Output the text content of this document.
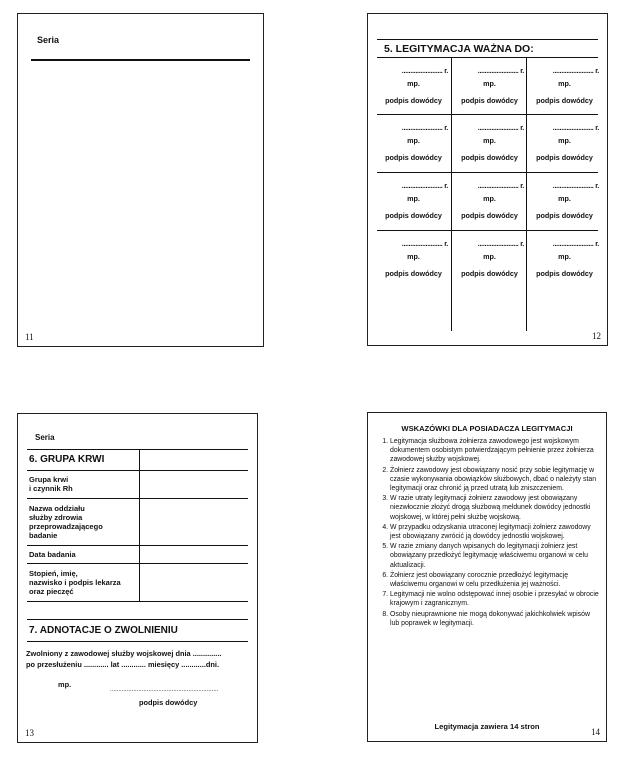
Seria
11
5. LEGITYMACJA WAŻNA DO:
........................ r.
mp.
podpis dowódcy
........................ r.
mp.
podpis dowódcy
........................ r.
mp.
podpis dowódcy
........................ r.
mp.
podpis dowódcy
........................ r.
mp.
podpis dowódcy
........................ r.
mp.
podpis dowódcy
........................ r.
mp.
podpis dowódcy
........................ r.
mp.
podpis dowódcy
........................ r.
mp.
podpis dowódcy
........................ r.
mp.
podpis dowódcy
........................ r.
mp.
podpis dowódcy
........................ r.
mp.
podpis dowódcy
12
Seria
6. GRUPA KRWI
Grupa krwi
i czynnik Rh
Nazwa oddziału
służby zdrowia
przeprowadzającego
badanie
Data badania
Stopień, imię,
nazwisko i podpis lekarza
oraz pieczęć
7. ADNOTACJE O ZWOLNIENIU
Zwolniony z zawodowej służby wojskowej dnia ..............
po przesłużeniu ............ lat ............ miesięcy ............dni.
mp.
.................................................................
podpis dowódcy
13
WSKAZÓWKI DLA POSIADACZA LEGITYMACJI
1. Legitymacja służbowa żołnierza zawodowego jest wojskowym dokumentem osobistym potwierdzającym pełnienie przez żołnierza zawodowej służby wojskowej.
2. Żołnierz zawodowy jest obowiązany nosić przy sobie legitymację w czasie wykonywania obowiązków służbowych, dbać o należyty stan legitymacji oraz chronić ją przed utratą lub zniszczeniem.
3. W razie utraty legitymacji żołnierz zawodowy jest obowiązany niezwłocznie złożyć drogą służbową meldunek dowódcy jednostki wojskowej, w której pełni służbę wojskową.
4. W przypadku odzyskania utraconej legitymacji żołnierz zawodowy jest obowiązany zwrócić ją dowódcy jednostki wojskowej.
5. W razie zmiany danych wpisanych do legitymacji żołnierz jest obowiązany przedłożyć legitymację właściwemu organowi w celu aktualizacji.
6. Żołnierz jest obowiązany corocznie przedłożyć legitymację właściwemu organowi w celu przedłużenia jej ważności.
7. Legitymacji nie wolno odstępować innej osobie i przesyłać w obrocie krajowym i zagranicznym.
8. Osoby nieuprawnione nie mogą dokonywać jakichkolwiek wpisów lub poprawek w legitymacji.
Legitymacja zawiera 14 stron
14
